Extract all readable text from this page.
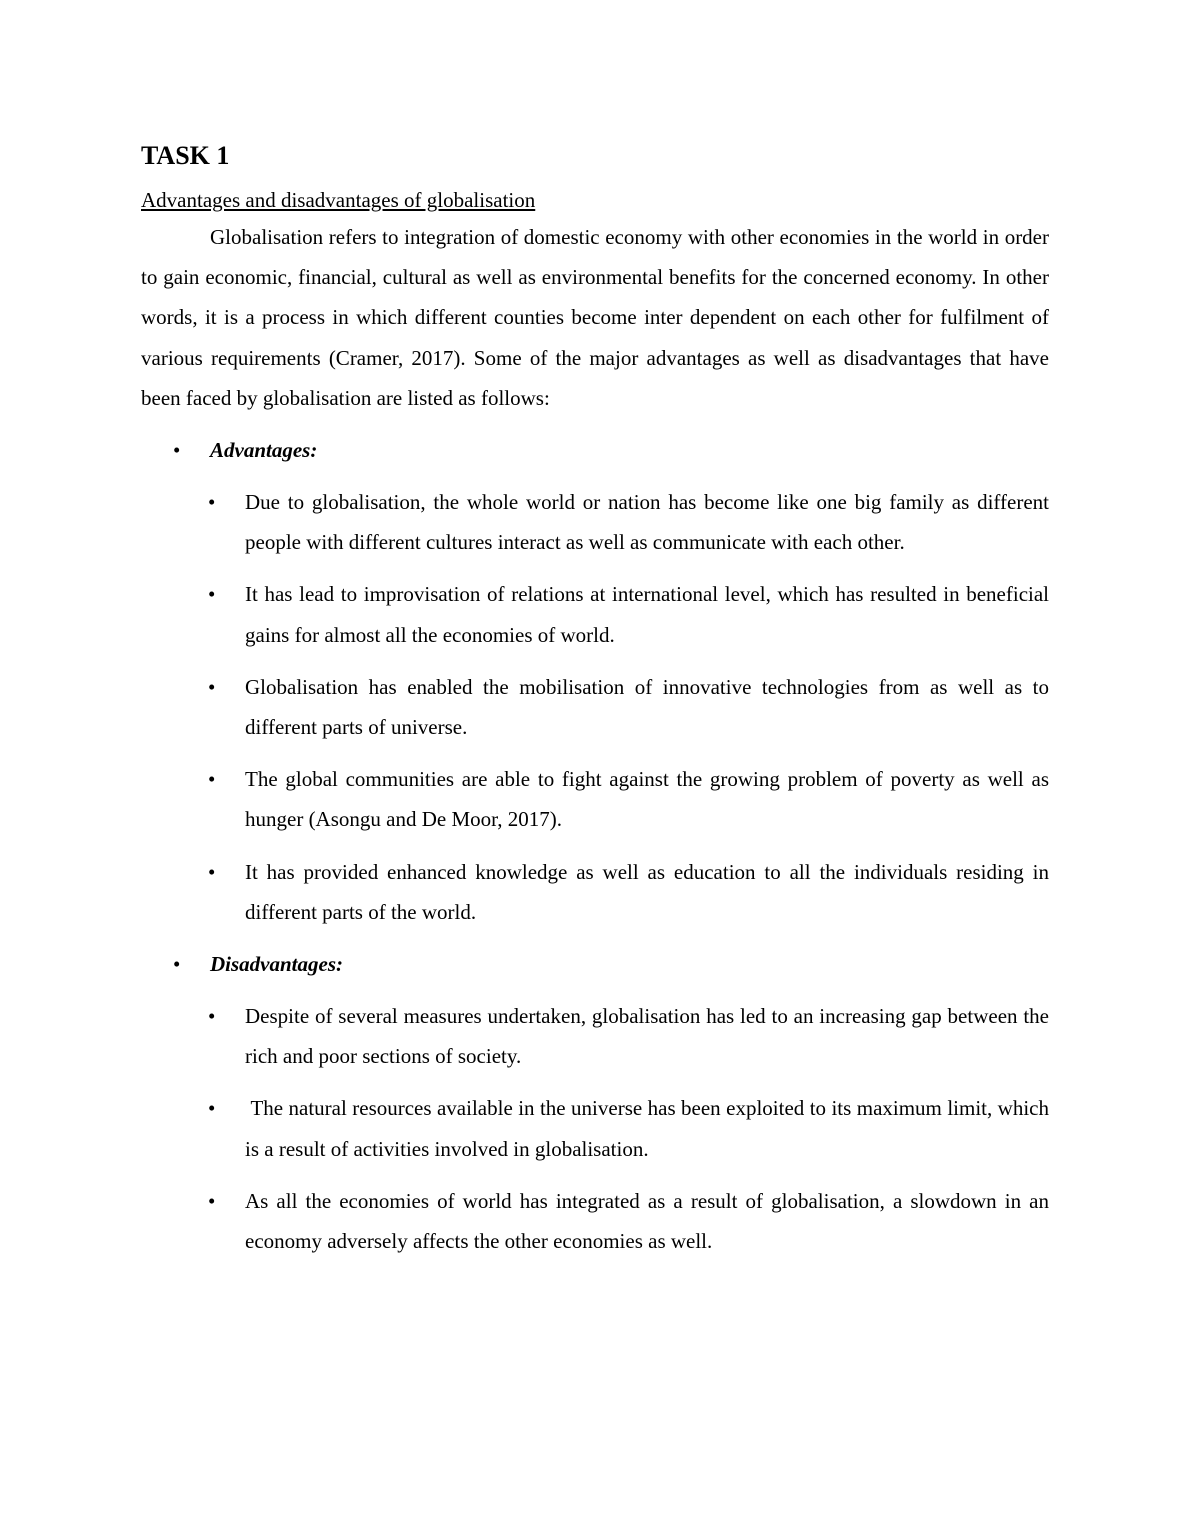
TASK 1
Advantages and disadvantages of globalisation

Globalisation refers to integration of domestic economy with other economies in the world in order to gain economic, financial, cultural as well as environmental benefits for the concerned economy. In other words, it is a process in which different counties become inter dependent on each other for fulfilment of various requirements (Cramer, 2017). Some of the major advantages as well as disadvantages that have been faced by globalisation are listed as follows:

• Advantages:
• Due to globalisation, the whole world or nation has become like one big family as different people with different cultures interact as well as communicate with each other.
• It has lead to improvisation of relations at international level, which has resulted in beneficial gains for almost all the economies of world.
• Globalisation has enabled the mobilisation of innovative technologies from as well as to different parts of universe.
• The global communities are able to fight against the growing problem of poverty as well as hunger (Asongu and De Moor, 2017).
• It has provided enhanced knowledge as well as education to all the individuals residing in different parts of the world.
• Disadvantages:
• Despite of several measures undertaken, globalisation has led to an increasing gap between the rich and poor sections of society.
• The natural resources available in the universe has been exploited to its maximum limit, which is a result of activities involved in globalisation.
• As all the economies of world has integrated as a result of globalisation, a slowdown in an economy adversely affects the other economies as well.
